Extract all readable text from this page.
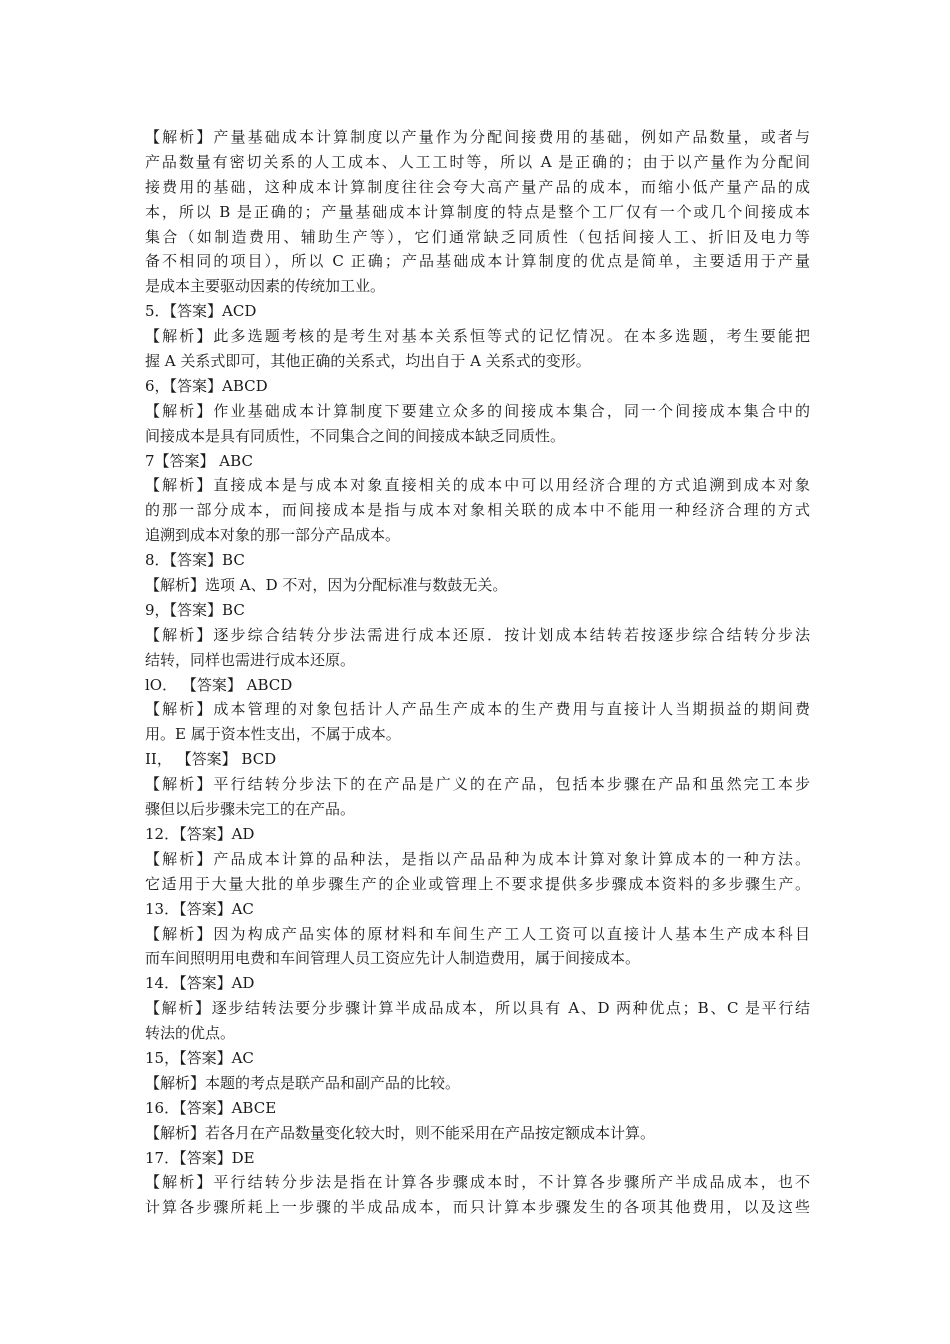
【解析】产量基础成本计算制度以产量作为分配间接费用的基础，例如产品数量，或者与
产品数量有密切关系的人工成本、人工工时等，所以 A 是正确的；由于以产量作为分配间
接费用的基础，这种成本计算制度往往会夸大高产量产品的成本，而缩小低产量产品的成
本，所以 B 是正确的；产量基础成本计算制度的特点是整个工厂仅有一个或几个间接成本
集合（如制造费用、辅助生产等），它们通常缺乏同质性（包括间接人工、折旧及电力等
备不相同的项目），所以 C 正确；产品基础成本计算制度的优点是简单，主要适用于产量
是成本主要驱动因素的传统加工业。
5．【答案】ACD
【解析】此多选题考核的是考生对基本关系恒等式的记忆情况。在本多选题，考生要能把
握 A 关系式即可，其他正确的关系式，均出自于 A 关系式的变形。
6，【答案】ABCD
【解析】作业基础成本计算制度下要建立众多的间接成本集合，同一个间接成本集合中的
间接成本是具有同质性，不同集合之间的间接成本缺乏同质性。
7【答案】 ABC
【解析】直接成本是与成本对象直接相关的成本中可以用经济合理的方式追溯到成本对象
的那一部分成本，而间接成本是指与成本对象相关联的成本中不能用一种经济合理的方式
追溯到成本对象的那一部分产品成本。
8．【答案】BC
【解析】选项 A、D 不对，因为分配标准与数鼓无关。
9，【答案】BC
【解析】逐步综合结转分步法需进行成本还原．按计划成本结转若按逐步综合结转分步法
结转，同样也需进行成本还原。
lO． 【答案】 ABCD
【解析】成本管理的对象包括计人产品生产成本的生产费用与直接计人当期损益的期间费
用。E 属于资本性支出，不属于成本。
II， 【答案】 BCD
【解析】平行结转分步法下的在产品是广义的在产品，包括本步骤在产品和虽然完工本步
骤但以后步骤未完工的在产品。
12．【答案】AD
【解析】产品成本计算的品种法，是指以产品品种为成本计算对象计算成本的一种方法。
它适用于大量大批的单步骤生产的企业或管理上不要求提供多步骤成本资料的多步骤生产。
13．【答案】AC
【解析】因为构成产品实体的原材料和车间生产工人工资可以直接计人基本生产成本科目
而车间照明用电费和车间管理人员工资应先计人制造费用，属于间接成本。
14．【答案】AD
【解析】逐步结转法要分步骤计算半成品成本，所以具有 A、D 两种优点；B、C 是平行结
转法的优点。
15，【答案】AC
【解析】本题的考点是联产品和副产品的比较。
16．【答案】ABCE
【解析】若各月在产品数量变化较大时，则不能采用在产品按定额成本计算。
17．【答案】DE
【解析】平行结转分步法是指在计算各步骤成本时，不计算各步骤所产半成品成本，也不
计算各步骤所耗上一步骤的半成品成本，而只计算本步骤发生的各项其他费用，以及这些
